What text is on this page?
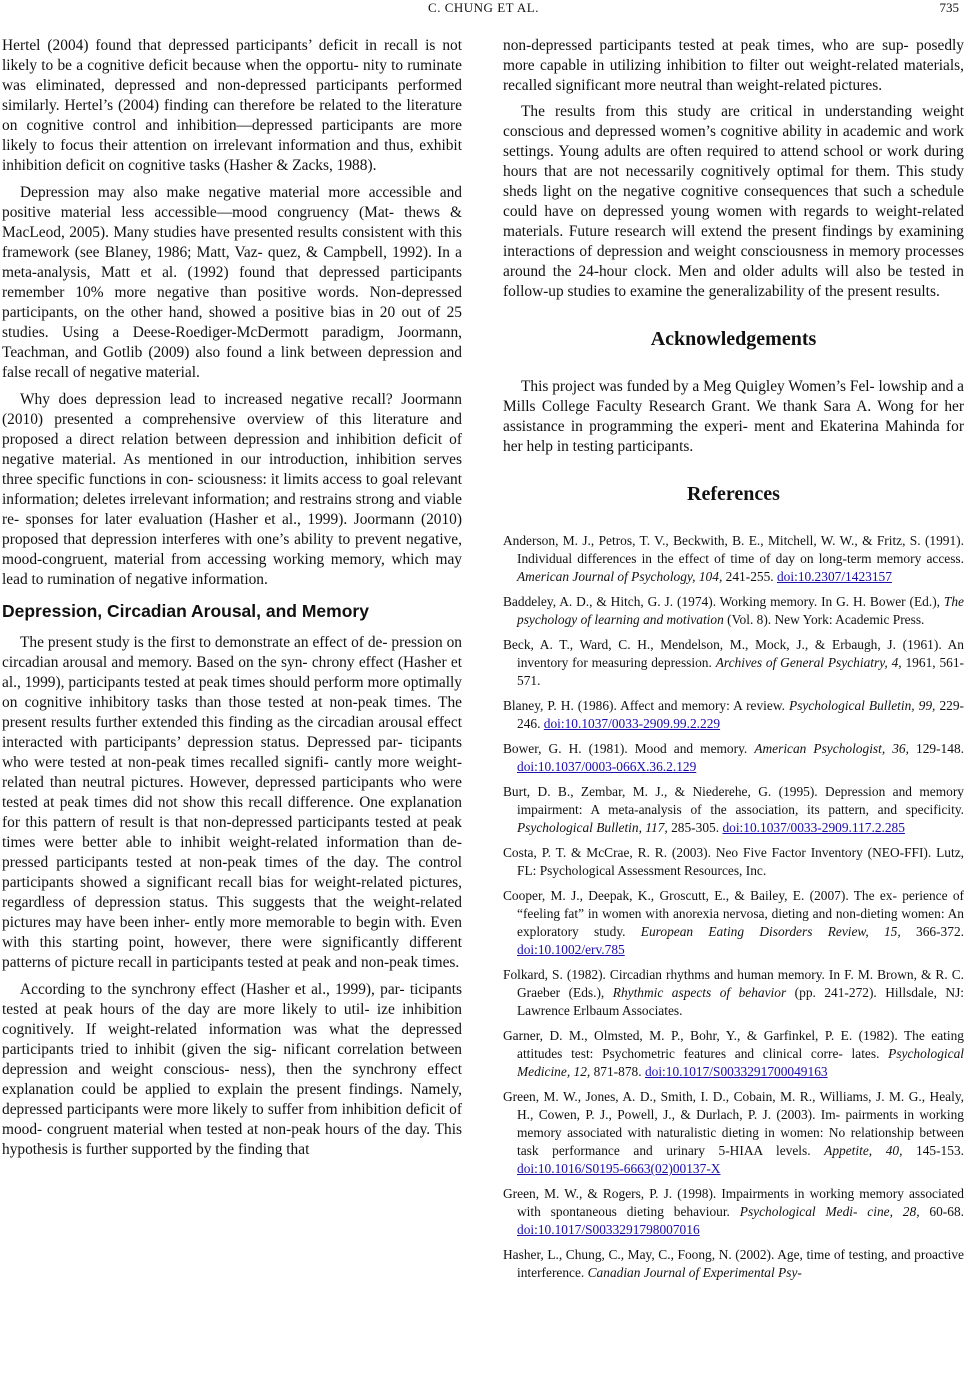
C. CHUNG ET AL.	735

Hertel (2004) found that depressed participants’ deficit in recall is not likely to be a cognitive deficit because when the opportu- nity to ruminate was eliminated, depressed and non-depressed participants performed similarly. Hertel’s (2004) finding can therefore be related to the literature on cognitive control and inhibition—depressed participants are more likely to focus their attention on irrelevant information and thus, exhibit inhibition deficit on cognitive tasks (Hasher & Zacks, 1988).

Depression may also make negative material more accessible and positive material less accessible—mood congruency (Mat- thews & MacLeod, 2005). Many studies have presented results consistent with this framework (see Blaney, 1986; Matt, Vaz- quez, & Campbell, 1992). In a meta-analysis, Matt et al. (1992) found that depressed participants remember 10% more negative than positive words. Non-depressed participants, on the other hand, showed a positive bias in 20 out of 25 studies. Using a Deese-Roediger-McDermott paradigm, Joormann, Teachman, and Gotlib (2009) also found a link between depression and false recall of negative material.

Why does depression lead to increased negative recall? Joormann (2010) presented a comprehensive overview of this literature and proposed a direct relation between depression and inhibition deficit of negative material. As mentioned in our introduction, inhibition serves three specific functions in con- sciousness: it limits access to goal relevant information; deletes irrelevant information; and restrains strong and viable re- sponses for later evaluation (Hasher et al., 1999). Joormann (2010) proposed that depression interferes with one’s ability to prevent negative, mood-congruent, material from accessing working memory, which may lead to rumination of negative information.

Depression, Circadian Arousal, and Memory

The present study is the first to demonstrate an effect of de- pression on circadian arousal and memory. Based on the syn- chrony effect (Hasher et al., 1999), participants tested at peak times should perform more optimally on cognitive inhibitory tasks than those tested at non-peak times. The present results further extended this finding as the circadian arousal effect interacted with participants’ depression status. Depressed par- ticipants who were tested at non-peak times recalled signifi- cantly more weight-related than neutral pictures. However, depressed participants who were tested at peak times did not show this recall difference. One explanation for this pattern of result is that non-depressed participants tested at peak times were better able to inhibit weight-related information than de- pressed participants tested at non-peak times of the day. The control participants showed a significant recall bias for weight-related pictures, regardless of depression status. This suggests that the weight-related pictures may have been inher- ently more memorable to begin with. Even with this starting point, however, there were significantly different patterns of picture recall in participants tested at peak and non-peak times.

According to the synchrony effect (Hasher et al., 1999), par- ticipants tested at peak hours of the day are more likely to util- ize inhibition cognitively. If weight-related information was what the depressed participants tried to inhibit (given the sig- nificant correlation between depression and weight conscious- ness), then the synchrony effect explanation could be applied to explain the present findings. Namely, depressed participants were more likely to suffer from inhibition deficit of mood- congruent material when tested at non-peak hours of the day. This hypothesis is further supported by the finding that

non-depressed participants tested at peak times, who are sup- posedly more capable in utilizing inhibition to filter out weight-related materials, recalled significant more neutral than weight-related pictures.

The results from this study are critical in understanding weight conscious and depressed women’s cognitive ability in academic and work settings. Young adults are often required to attend school or work during hours that are not necessarily cognitively optimal for them. This study sheds light on the negative cognitive consequences that such a schedule could have on depressed young women with regards to weight-related materials. Future research will extend the present findings by examining interactions of depression and weight consciousness in memory processes around the 24-hour clock. Men and older adults will also be tested in follow-up studies to examine the generalizability of the present results.

Acknowledgements

This project was funded by a Meg Quigley Women’s Fel- lowship and a Mills College Faculty Research Grant. We thank Sara A. Wong for her assistance in programming the experi- ment and Ekaterina Mahinda for her help in testing participants.

References
Anderson, M. J., Petros, T. V., Beckwith, B. E., Mitchell, W. W., & Fritz, S. (1991). Individual differences in the effect of time of day on long-term memory access. American Journal of Psychology, 104, 241-255. doi:10.2307/1423157
Baddeley, A. D., & Hitch, G. J. (1974). Working memory. In G. H. Bower (Ed.), The psychology of learning and motivation (Vol. 8). New York: Academic Press.
Beck, A. T., Ward, C. H., Mendelson, M., Mock, J., & Erbaugh, J. (1961). An inventory for measuring depression. Archives of General Psychiatry, 4, 1961, 561-571.
Blaney, P. H. (1986). Affect and memory: A review. Psychological Bulletin, 99, 229-246. doi:10.1037/0033-2909.99.2.229
Bower, G. H. (1981). Mood and memory. American Psychologist, 36, 129-148. doi:10.1037/0003-066X.36.2.129
Burt, D. B., Zembar, M. J., & Niederehe, G. (1995). Depression and memory impairment: A meta-analysis of the association, its pattern, and specificity. Psychological Bulletin, 117, 285-305. doi:10.1037/0033-2909.117.2.285
Costa, P. T. & McCrae, R. R. (2003). Neo Five Factor Inventory (NEO-FFI). Lutz, FL: Psychological Assessment Resources, Inc.
Cooper, M. J., Deepak, K., Groscutt, E., & Bailey, E. (2007). The ex- perience of “feeling fat” in women with anorexia nervosa, dieting and non-dieting women: An exploratory study. European Eating Disorders Review, 15, 366-372. doi:10.1002/erv.785
Folkard, S. (1982). Circadian rhythms and human memory. In F. M. Brown, & R. C. Graeber (Eds.), Rhythmic aspects of behavior (pp. 241-272). Hillsdale, NJ: Lawrence Erlbaum Associates.
Garner, D. M., Olmsted, M. P., Bohr, Y., & Garfinkel, P. E. (1982). The eating attitudes test: Psychometric features and clinical corre- lates. Psychological Medicine, 12, 871-878. doi:10.1017/S0033291700049163
Green, M. W., Jones, A. D., Smith, I. D., Cobain, M. R., Williams, J. M. G., Healy, H., Cowen, P. J., Powell, J., & Durlach, P. J. (2003). Im- pairments in working memory associated with naturalistic dieting in women: No relationship between task performance and urinary 5-HIAA levels. Appetite, 40, 145-153. doi:10.1016/S0195-6663(02)00137-X
Green, M. W., & Rogers, P. J. (1998). Impairments in working memory associated with spontaneous dieting behaviour. Psychological Medi- cine, 28, 60-68. doi:10.1017/S0033291798007016
Hasher, L., Chung, C., May, C., Foong, N. (2002). Age, time of testing, and proactive interference. Canadian Journal of Experimental Psy-
